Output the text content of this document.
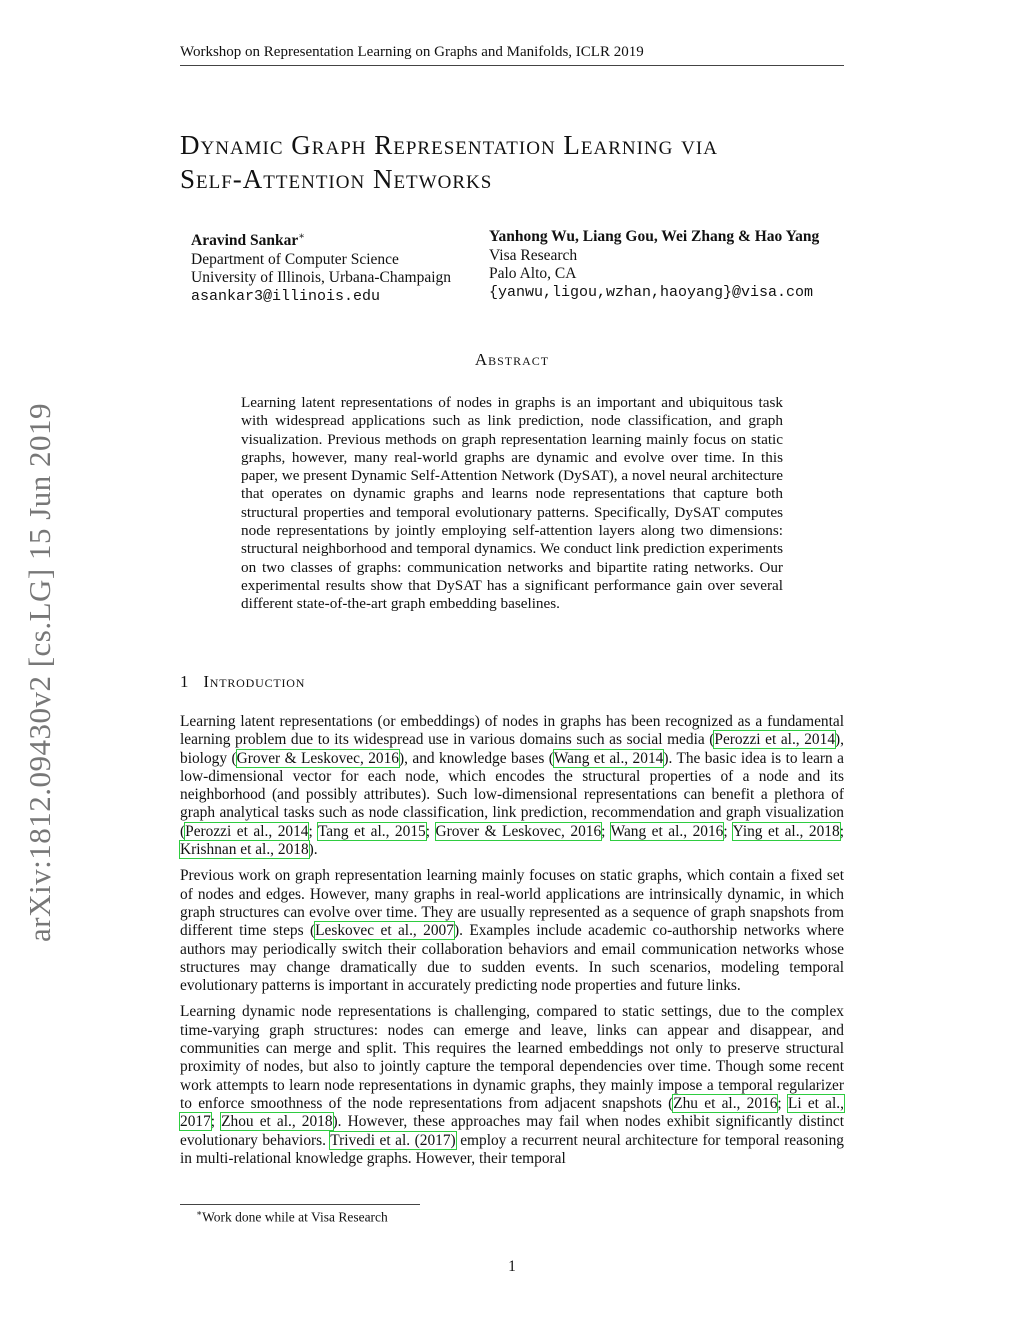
Workshop on Representation Learning on Graphs and Manifolds, ICLR 2019
Dynamic Graph Representation Learning via
Self-Attention Networks
Aravind Sankar∗
Department of Computer Science
University of Illinois, Urbana-Champaign
asankar3@illinois.edu
Yanhong Wu, Liang Gou, Wei Zhang & Hao Yang
Visa Research
Palo Alto, CA
{yanwu,ligou,wzhan,haoyang}@visa.com
arXiv:1812.09430v2 [cs.LG] 15 Jun 2019
Abstract

Learning latent representations of nodes in graphs is an important and ubiquitous task with widespread applications such as link prediction, node classification, and graph visualization. Previous methods on graph representation learning mainly focus on static graphs, however, many real-world graphs are dynamic and evolve over time. In this paper, we present Dynamic Self-Attention Network (DySAT), a novel neural architecture that operates on dynamic graphs and learns node representations that capture both structural properties and temporal evolutionary patterns. Specifically, DySAT computes node representations by jointly employing self-attention layers along two dimensions: structural neighborhood and temporal dynamics. We conduct link prediction experiments on two classes of graphs: communication networks and bipartite rating networks. Our experimental results show that DySAT has a significant performance gain over several different state-of-the-art graph embedding baselines.

1 Introduction

Learning latent representations (or embeddings) of nodes in graphs has been recognized as a fundamental learning problem due to its widespread use in various domains such as social media (Perozzi et al., 2014), biology (Grover & Leskovec, 2016), and knowledge bases (Wang et al., 2014). The basic idea is to learn a low-dimensional vector for each node, which encodes the structural properties of a node and its neighborhood (and possibly attributes). Such low-dimensional representations can benefit a plethora of graph analytical tasks such as node classification, link prediction, recommendation and graph visualization (Perozzi et al., 2014; Tang et al., 2015; Grover & Leskovec, 2016; Wang et al., 2016; Ying et al., 2018; Krishnan et al., 2018).

Previous work on graph representation learning mainly focuses on static graphs, which contain a fixed set of nodes and edges. However, many graphs in real-world applications are intrinsically dynamic, in which graph structures can evolve over time. They are usually represented as a sequence of graph snapshots from different time steps (Leskovec et al., 2007). Examples include academic co-authorship networks where authors may periodically switch their collaboration behaviors and email communication networks whose structures may change dramatically due to sudden events. In such scenarios, modeling temporal evolutionary patterns is important in accurately predicting node properties and future links.

Learning dynamic node representations is challenging, compared to static settings, due to the complex time-varying graph structures: nodes can emerge and leave, links can appear and disappear, and communities can merge and split. This requires the learned embeddings not only to preserve structural proximity of nodes, but also to jointly capture the temporal dependencies over time. Though some recent work attempts to learn node representations in dynamic graphs, they mainly impose a temporal regularizer to enforce smoothness of the node representations from adjacent snapshots (Zhu et al., 2016; Li et al., 2017; Zhou et al., 2018). However, these approaches may fail when nodes exhibit significantly distinct evolutionary behaviors. Trivedi et al. (2017) employ a recurrent neural architecture for temporal reasoning in multi-relational knowledge graphs. However, their temporal

∗Work done while at Visa Research
1
